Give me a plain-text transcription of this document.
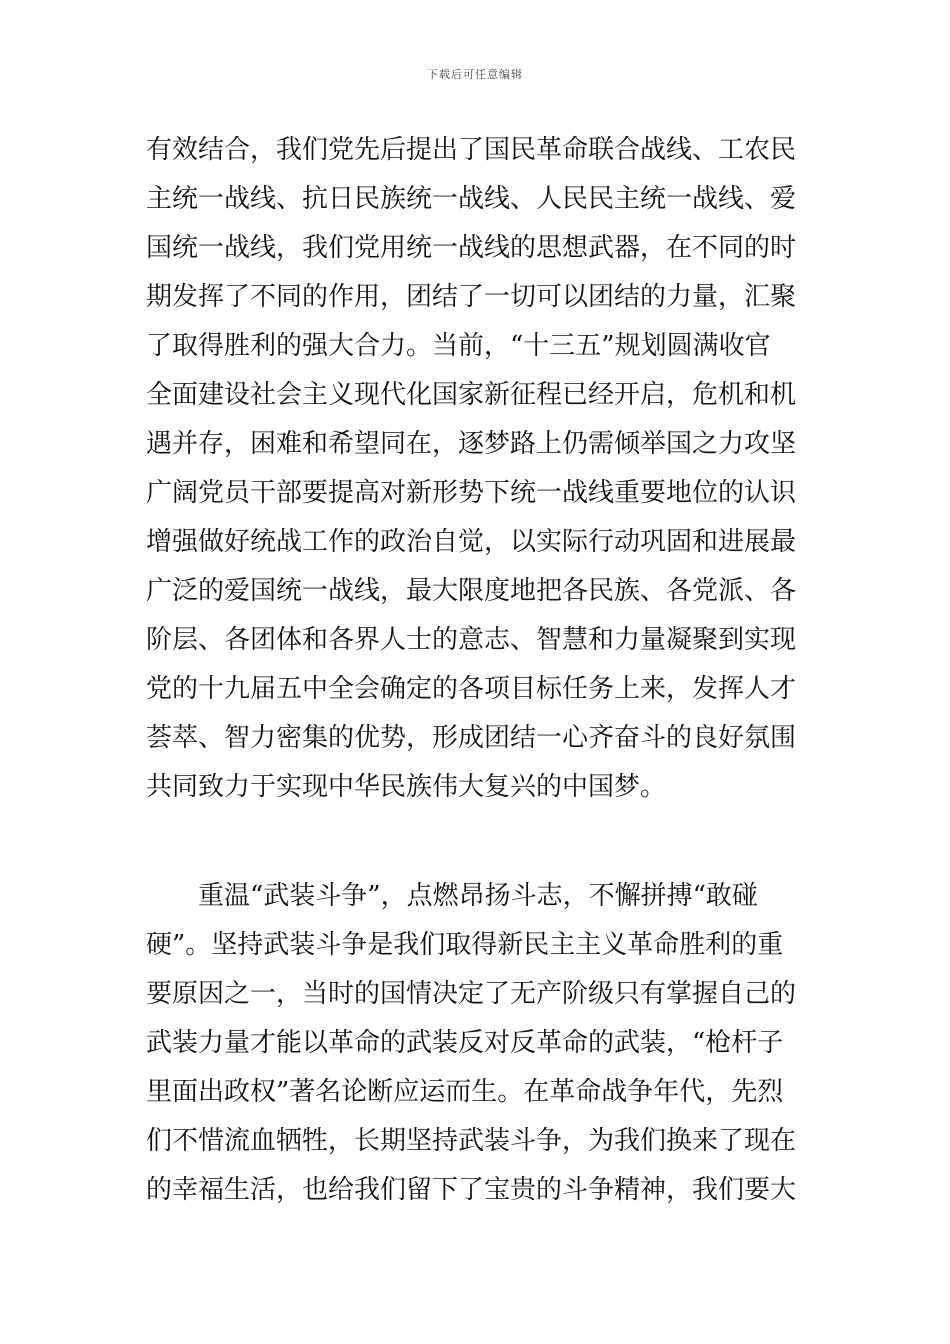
下载后可任意编辑
有效结合，我们党先后提出了国民革命联合战线、工农民
主统一战线、抗日民族统一战线、人民民主统一战线、爱
国统一战线，我们党用统一战线的思想武器，在不同的时
期发挥了不同的作用，团结了一切可以团结的力量，汇聚
了取得胜利的强大合力。当前，“十三五”规划圆满收官
全面建设社会主义现代化国家新征程已经开启，危机和机
遇并存，困难和希望同在，逐梦路上仍需倾举国之力攻坚
广阔党员干部要提高对新形势下统一战线重要地位的认识
增强做好统战工作的政治自觉，以实际行动巩固和进展最
广泛的爱国统一战线，最大限度地把各民族、各党派、各
阶层、各团体和各界人士的意志、智慧和力量凝聚到实现
党的十九届五中全会确定的各项目标任务上来，发挥人才
荟萃、智力密集的优势，形成团结一心齐奋斗的良好氛围
共同致力于实现中华民族伟大复兴的中国梦。
　　重温“武装斗争”，点燃昂扬斗志，不懈拼搏“敢碰
硬”。坚持武装斗争是我们取得新民主主义革命胜利的重
要原因之一，当时的国情决定了无产阶级只有掌握自己的
武装力量才能以革命的武装反对反革命的武装，“枪杆子
里面出政权”著名论断应运而生。在革命战争年代，先烈
们不惜流血牺牲，长期坚持武装斗争，为我们换来了现在
的幸福生活，也给我们留下了宝贵的斗争精神，我们要大
